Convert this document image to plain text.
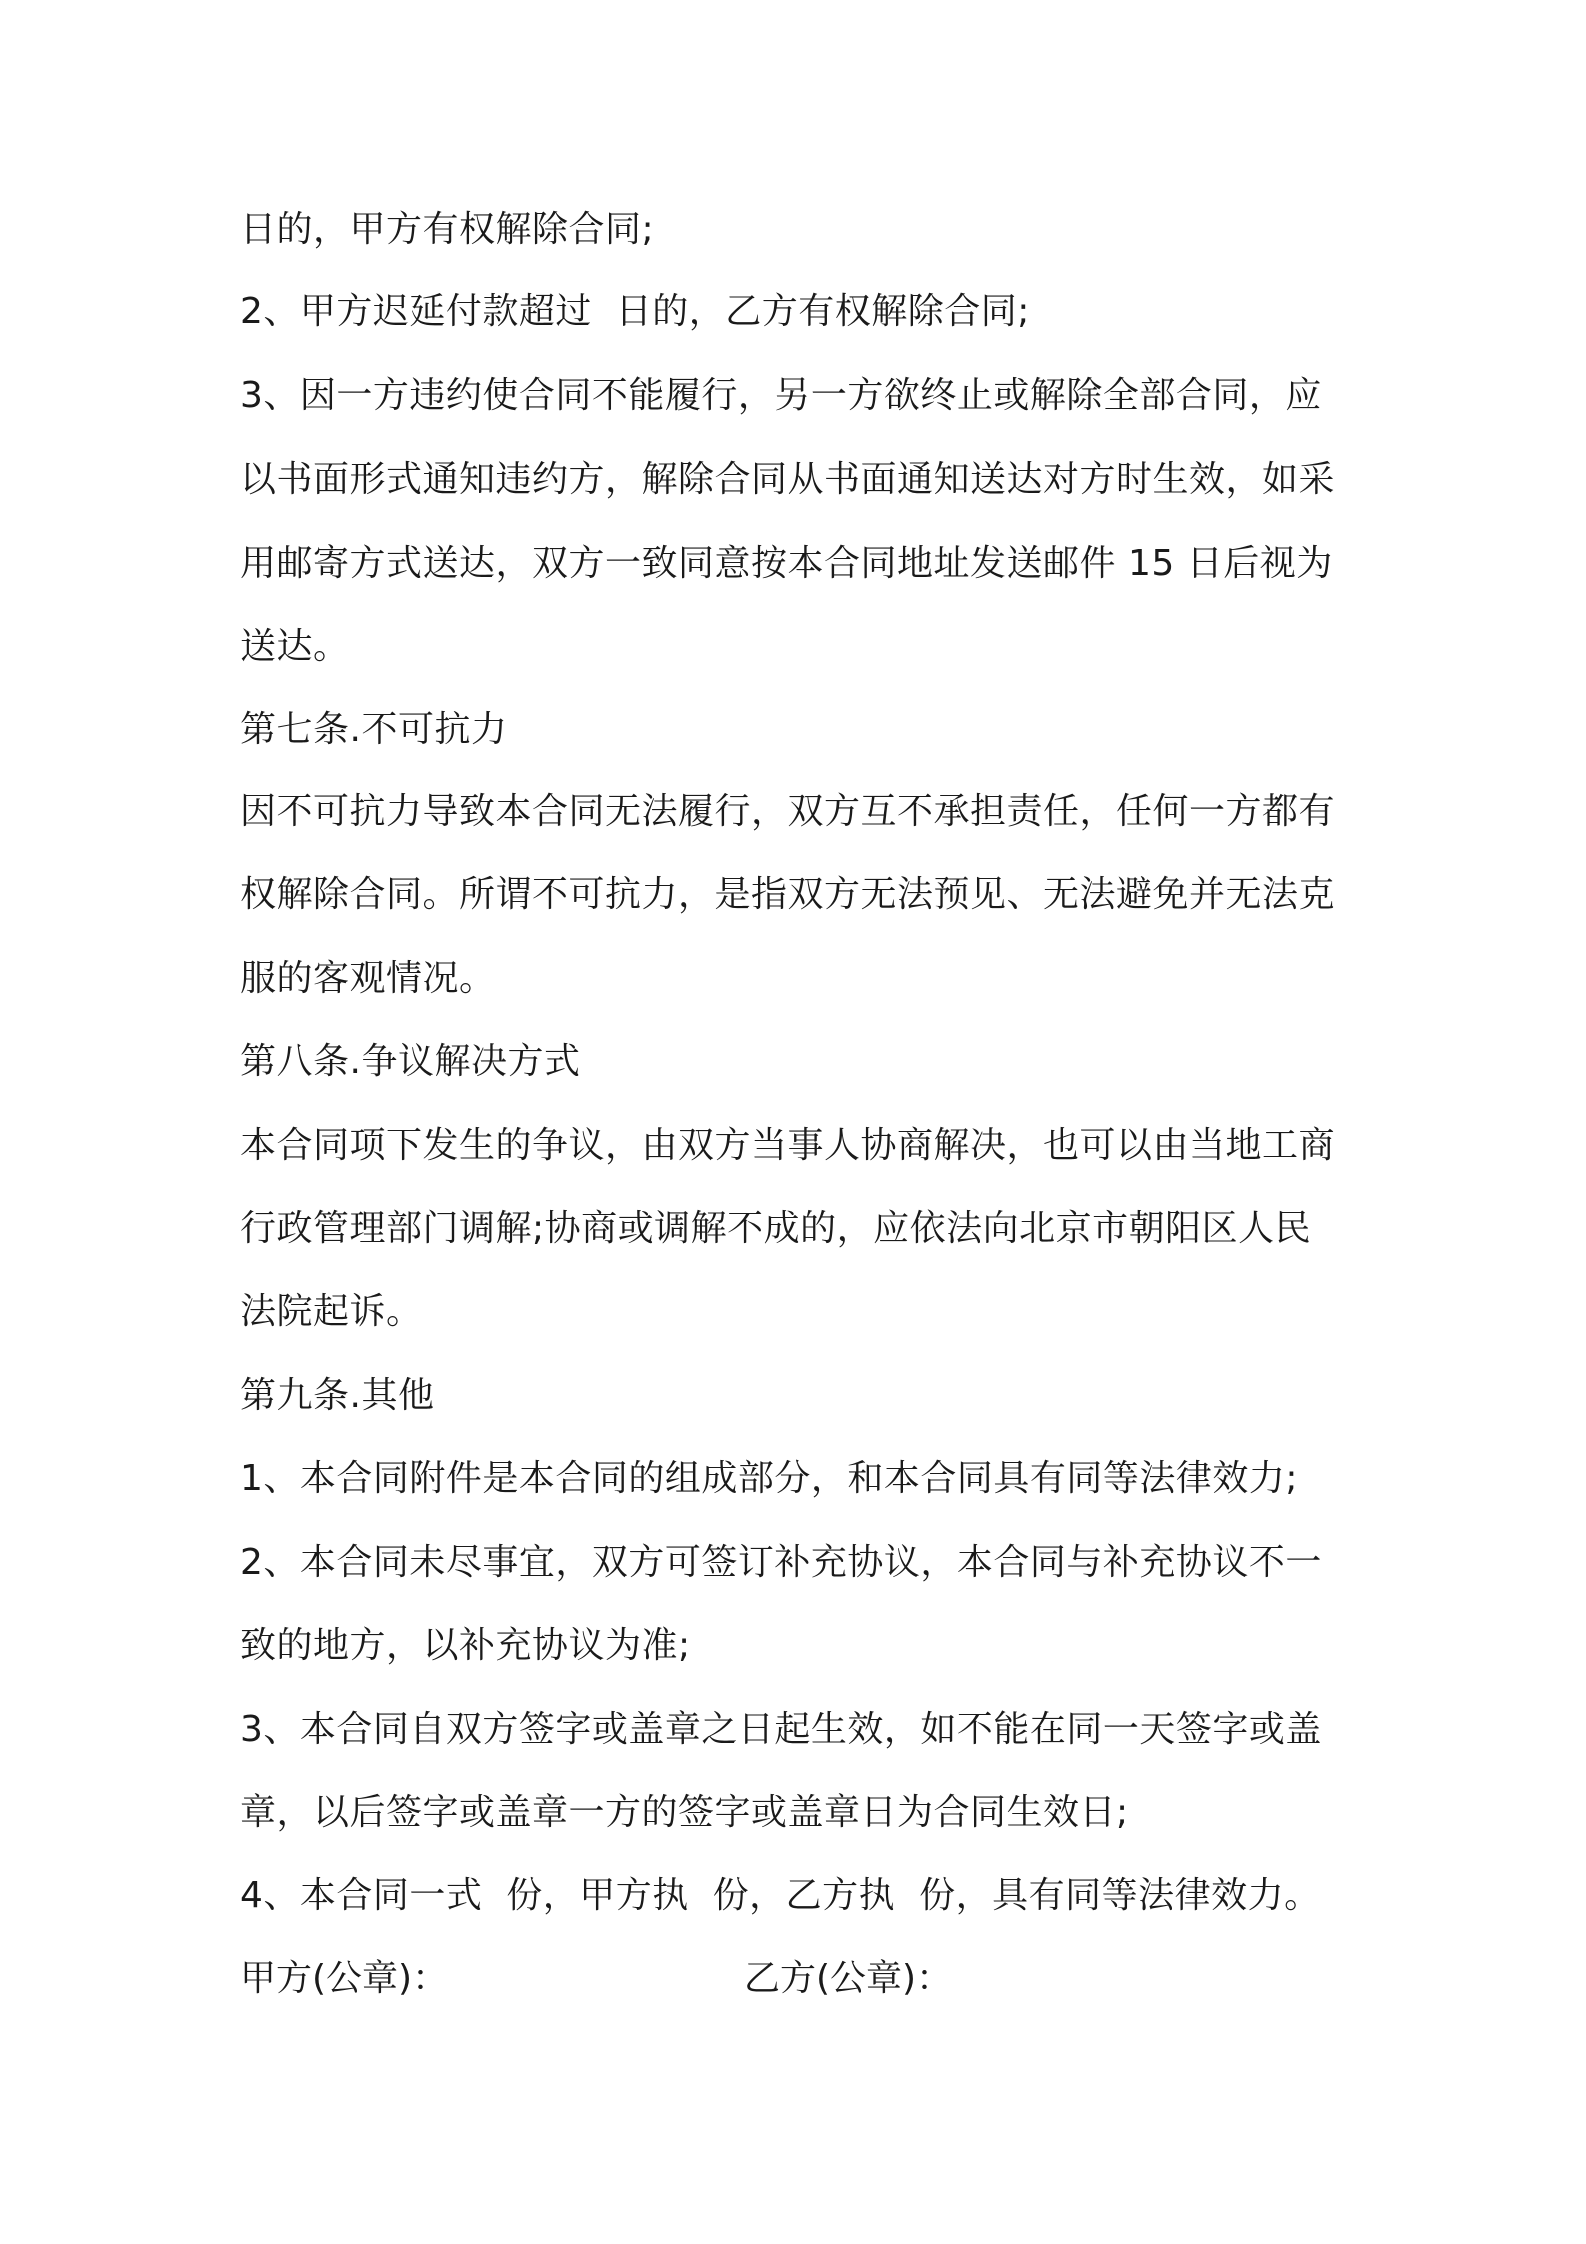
日的，甲方有权解除合同;
2、甲方迟延付款超过  日的，乙方有权解除合同;
3、因一方违约使合同不能履行，另一方欲终止或解除全部合同，应
以书面形式通知违约方，解除合同从书面通知送达对方时生效，如采
用邮寄方式送达，双方一致同意按本合同地址发送邮件 15 日后视为
送达。
第七条.不可抗力
因不可抗力导致本合同无法履行，双方互不承担责任，任何一方都有
权解除合同。所谓不可抗力，是指双方无法预见、无法避免并无法克
服的客观情况。
第八条.争议解决方式
本合同项下发生的争议，由双方当事人协商解决，也可以由当地工商
行政管理部门调解;协商或调解不成的，应依法向北京市朝阳区人民
法院起诉。
第九条.其他
1、本合同附件是本合同的组成部分，和本合同具有同等法律效力;
2、本合同未尽事宜，双方可签订补充协议，本合同与补充协议不一
致的地方，以补充协议为准;
3、本合同自双方签字或盖章之日起生效，如不能在同一天签字或盖
章，以后签字或盖章一方的签字或盖章日为合同生效日;
4、本合同一式  份，甲方执  份，乙方执  份，具有同等法律效力。
甲方(公章)：	乙方(公章)：
